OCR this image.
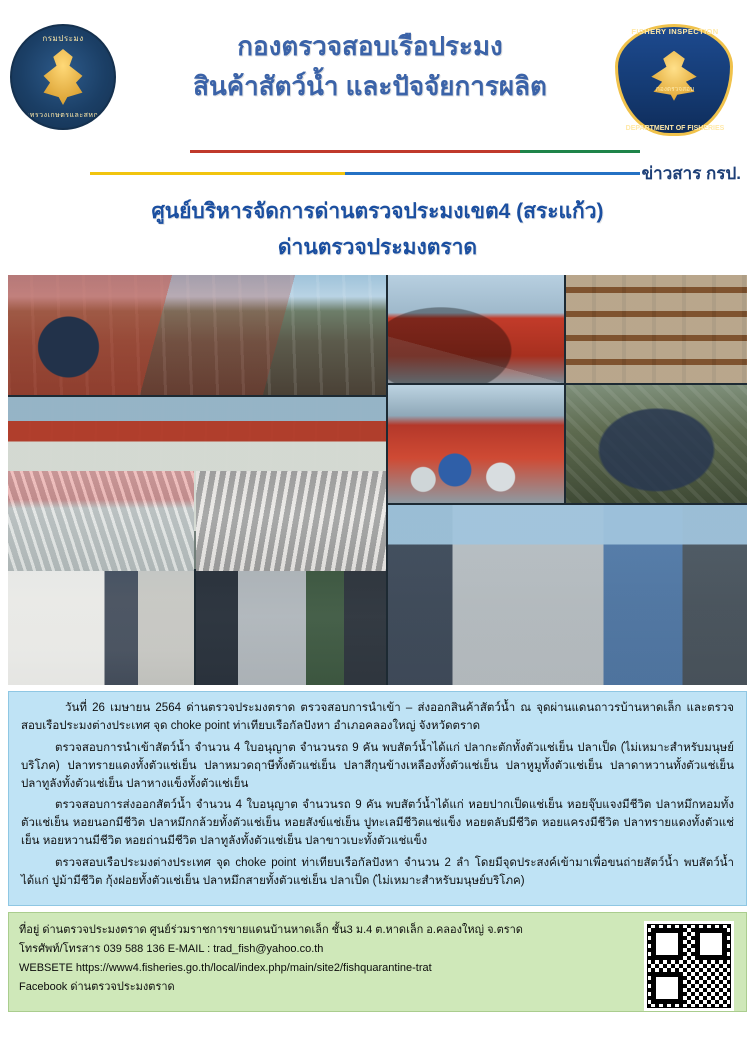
กรมประมง
กระทรวงเกษตรและสหกรณ์
กองตรวจสอบเรือประมง
สินค้าสัตว์น้ำ และปัจจัยการผลิต
FISHERY INSPECTION
กองตรวจสอบ
DEPARTMENT OF FISHERIES
ข่าวสาร กรป.
ศูนย์บริหารจัดการด่านตรวจประมงเขต4 (สระแก้ว)
ด่านตรวจประมงตราด

วันที่ 26 เมษายน 2564 ด่านตรวจประมงตราด ตรวจสอบการนำเข้า – ส่งออกสินค้าสัตว์น้ำ ณ จุดผ่านแดนถาวรบ้านหาดเล็ก และตรวจสอบเรือประมงต่างประเทศ จุด choke point ท่าเทียบเรือกัลปังหา อำเภอคลองใหญ่ จังหวัดตราด

ตรวจสอบการนำเข้าสัตว์น้ำ จำนวน 4 ใบอนุญาต จำนวนรถ 9 คัน พบสัตว์น้ำได้แก่ ปลากะตักทั้งตัวแช่เย็น ปลาเป็ด (ไม่เหมาะสำหรับมนุษย์บริโภค) ปลาทรายแดงทั้งตัวแช่เย็น ปลาหมวดฤาษีทั้งตัวแช่เย็น ปลาสีกุนข้างเหลืองทั้งตัวแช่เย็น ปลาหูมูทั้งตัวแช่เย็น ปลาดาหวานทั้งตัวแช่เย็น ปลาทูลังทั้งตัวแช่เย็น ปลาหางแข็งทั้งตัวแช่เย็น

ตรวจสอบการส่งออกสัตว์น้ำ จำนวน 4 ใบอนุญาต จำนวนรถ 9 คัน พบสัตว์น้ำได้แก่ หอยปากเป็ดแช่เย็น หอยจุ๊บแจงมีชีวิต ปลาหมึกหอมทั้งตัวแช่เย็น หอยนอกมีชีวิต ปลาหมึกกล้วยทั้งตัวแช่เย็น หอยสังข์แช่เย็น ปูทะเลมีชีวิตแช่แข็ง หอยตลับมีชีวิต หอยแครงมีชีวิต ปลาทรายแดงทั้งตัวแช่เย็น หอยหวานมีชีวิต หอยถ่านมีชีวิต ปลาทูลังทั้งตัวแช่เย็น ปลาขาวเบะทั้งตัวแช่แข็ง

ตรวจสอบเรือประมงต่างประเทศ จุด choke point ท่าเทียบเรือกัลปังหา จำนวน 2 ลำ โดยมีจุดประสงค์เข้ามาเพื่อขนถ่ายสัตว์น้ำ พบสัตว์น้ำได้แก่ ปูม้ามีชีวิต กุ้งฝอยทั้งตัวแช่เย็น ปลาหมึกสายทั้งตัวแช่เย็น ปลาเป็ด (ไม่เหมาะสำหรับมนุษย์บริโภค)

ที่อยู่ ด่านตรวจประมงตราด ศูนย์ร่วมราชการขายแดนบ้านหาดเล็ก ชั้น3 ม.4 ต.หาดเล็ก อ.คลองใหญ่ จ.ตราด
โทรศัพท์/โทรสาร 039 588 136 E-MAIL : trad_fish@yahoo.co.th
WEBSETE https://www4.fisheries.go.th/local/index.php/main/site2/fishquarantine-trat
Facebook ด่านตรวจประมงตราด
